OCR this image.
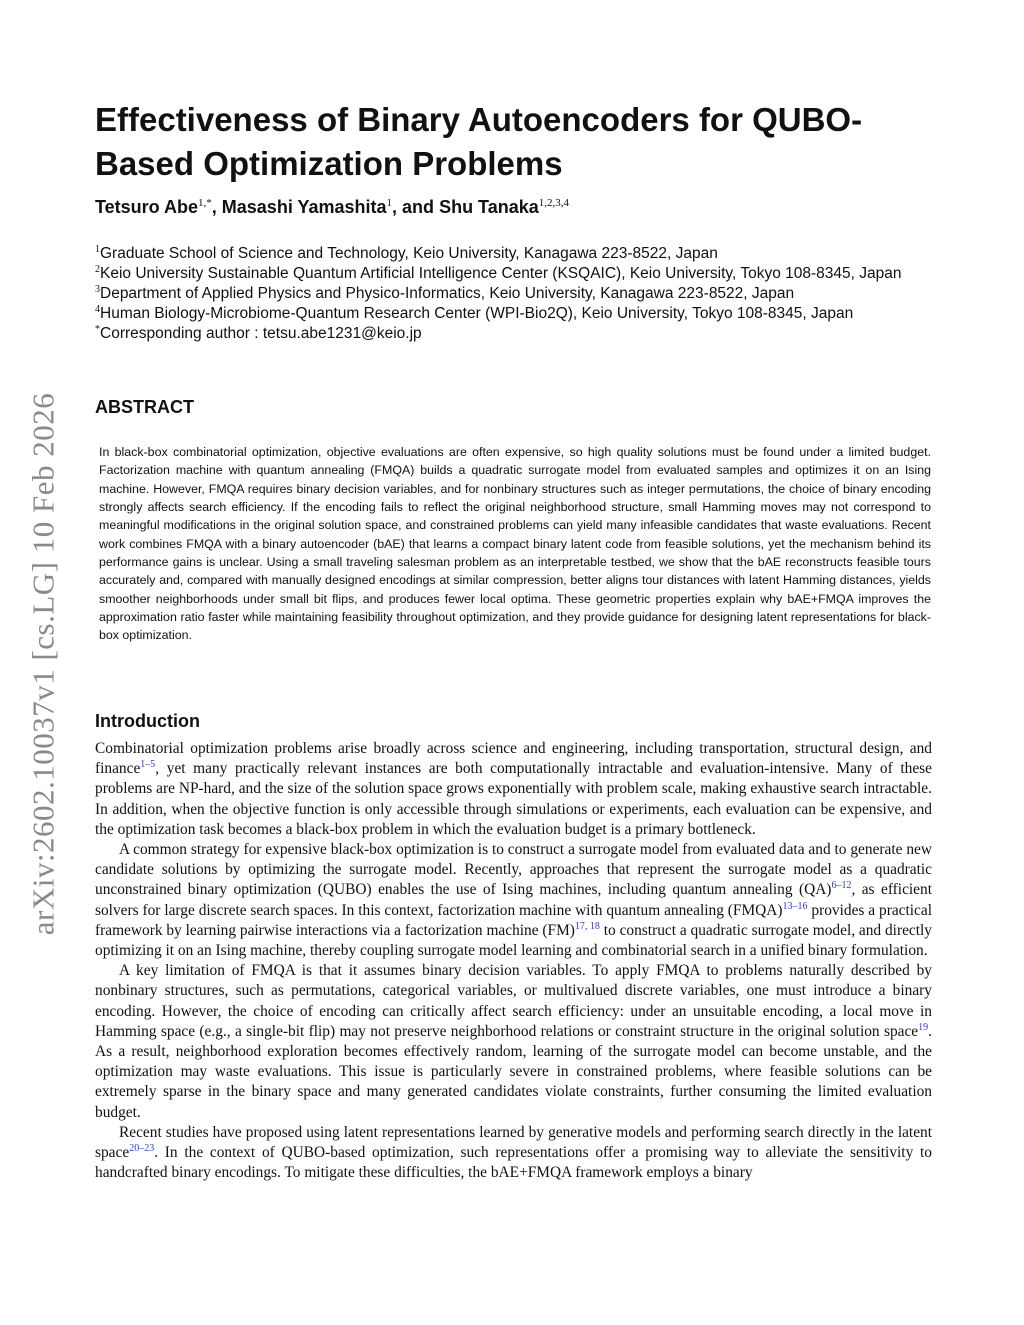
arXiv:2602.10037v1 [cs.LG] 10 Feb 2026
Effectiveness of Binary Autoencoders for QUBO-Based Optimization Problems
Tetsuro Abe$^{1,*}$, Masashi Yamashita$^1$, and Shu Tanaka$^{1,2,3,4}$

$^1$Graduate School of Science and Technology, Keio University, Kanagawa 223-8522, Japan

$^2$Keio University Sustainable Quantum Artificial Intelligence Center (KSQAIC), Keio University, Tokyo 108-8345, Japan

$^3$Department of Applied Physics and Physico-Informatics, Keio University, Kanagawa 223-8522, Japan

$^4$Human Biology-Microbiome-Quantum Research Center (WPI-Bio2Q), Keio University, Tokyo 108-8345, Japan

*Corresponding author : tetsu.abe1231@keio.jp

ABSTRACT

In black-box combinatorial optimization, objective evaluations are often expensive, so high quality solutions must be found under a limited budget. Factorization machine with quantum annealing (FMQA) builds a quadratic surrogate model from evaluated samples and optimizes it on an Ising machine. However, FMQA requires binary decision variables, and for nonbinary structures such as integer permutations, the choice of binary encoding strongly affects search efficiency. If the encoding fails to reflect the original neighborhood structure, small Hamming moves may not correspond to meaningful modifications in the original solution space, and constrained problems can yield many infeasible candidates that waste evaluations. Recent work combines FMQA with a binary autoencoder (bAE) that learns a compact binary latent code from feasible solutions, yet the mechanism behind its performance gains is unclear. Using a small traveling salesman problem as an interpretable testbed, we show that the bAE reconstructs feasible tours accurately and, compared with manually designed encodings at similar compression, better aligns tour distances with latent Hamming distances, yields smoother neighborhoods under small bit flips, and produces fewer local optima. These geometric properties explain why bAE+FMQA improves the approximation ratio faster while maintaining feasibility throughout optimization, and they provide guidance for designing latent representations for black-box optimization.

Introduction

Combinatorial optimization problems arise broadly across science and engineering, including transportation, structural design, and finance$^{1-5}$, yet many practically relevant instances are both computationally intractable and evaluation-intensive. Many of these problems are NP-hard, and the size of the solution space grows exponentially with problem scale, making exhaustive search intractable. In addition, when the objective function is only accessible through simulations or experiments, each evaluation can be expensive, and the optimization task becomes a black-box problem in which the evaluation budget is a primary bottleneck.

A common strategy for expensive black-box optimization is to construct a surrogate model from evaluated data and to generate new candidate solutions by optimizing the surrogate model. Recently, approaches that represent the surrogate model as a quadratic unconstrained binary optimization (QUBO) enables the use of Ising machines, including quantum annealing (QA)$^{6-12}$, as efficient solvers for large discrete search spaces. In this context, factorization machine with quantum annealing (FMQA)$^{13-16}$ provides a practical framework by learning pairwise interactions via a factorization machine (FM)$^{17, 18}$ to construct a quadratic surrogate model, and directly optimizing it on an Ising machine, thereby coupling surrogate model learning and combinatorial search in a unified binary formulation.

A key limitation of FMQA is that it assumes binary decision variables. To apply FMQA to problems naturally described by nonbinary structures, such as permutations, categorical variables, or multivalued discrete variables, one must introduce a binary encoding. However, the choice of encoding can critically affect search efficiency: under an unsuitable encoding, a local move in Hamming space (e.g., a single-bit flip) may not preserve neighborhood relations or constraint structure in the original solution space$^{19}$. As a result, neighborhood exploration becomes effectively random, learning of the surrogate model can become unstable, and the optimization may waste evaluations. This issue is particularly severe in constrained problems, where feasible solutions can be extremely sparse in the binary space and many generated candidates violate constraints, further consuming the limited evaluation budget.

Recent studies have proposed using latent representations learned by generative models and performing search directly in the latent space$^{20-23}$. In the context of QUBO-based optimization, such representations offer a promising way to alleviate the sensitivity to handcrafted binary encodings. To mitigate these difficulties, the bAE+FMQA framework employs a binary
